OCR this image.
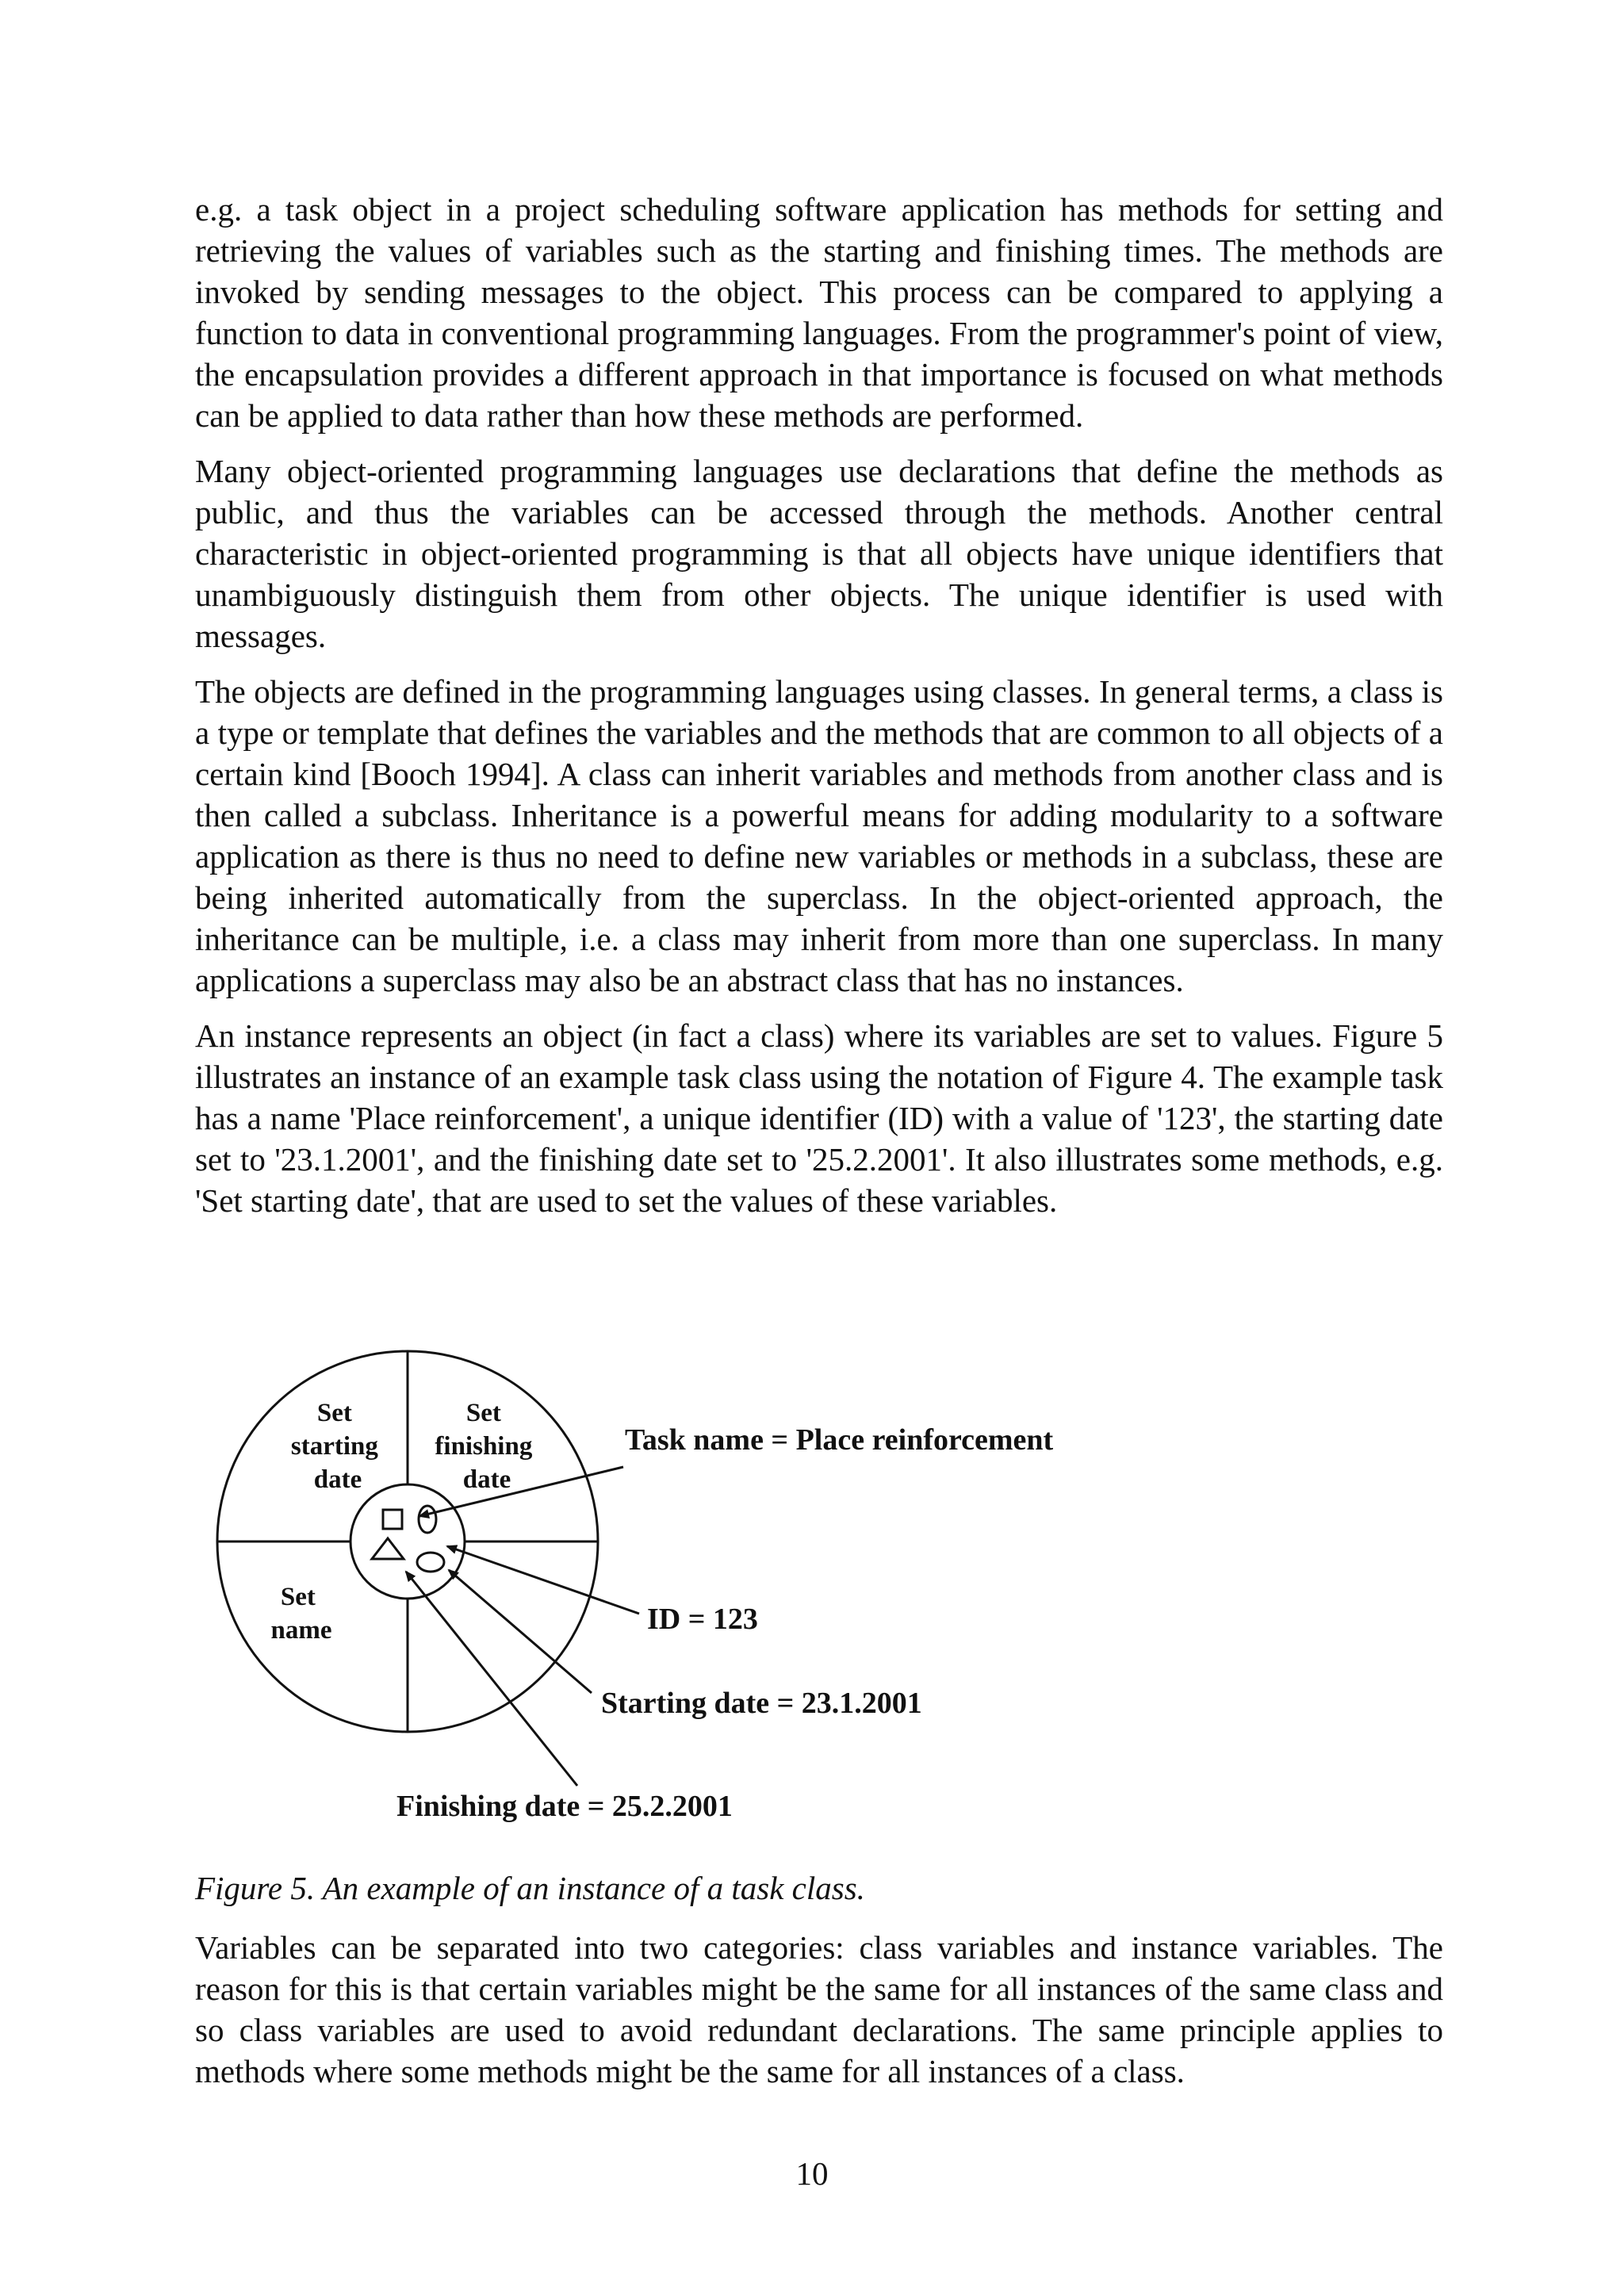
e.g. a task object in a project scheduling software application has methods for setting and retrieving the values of variables such as the starting and finishing times. The methods are invoked by sending messages to the object. This process can be compared to applying a function to data in conventional programming languages. From the programmer's point of view, the encapsulation provides a different approach in that importance is focused on what methods can be applied to data rather than how these methods are performed.

Many object-oriented programming languages use declarations that define the methods as public, and thus the variables can be accessed through the methods. Another central characteristic in object-oriented programming is that all objects have unique identifiers that unambiguously distinguish them from other objects. The unique identifier is used with messages.

The objects are defined in the programming languages using classes. In general terms, a class is a type or template that defines the variables and the methods that are common to all objects of a certain kind [Booch 1994]. A class can inherit variables and methods from another class and is then called a subclass. Inheritance is a powerful means for adding modularity to a software application as there is thus no need to define new variables or methods in a subclass, these are being inherited automatically from the superclass. In the object-oriented approach, the inheritance can be multiple, i.e. a class may inherit from more than one superclass. In many applications a superclass may also be an abstract class that has no instances.

An instance represents an object (in fact a class) where its variables are set to values. Figure 5 illustrates an instance of an example task class using the notation of Figure 4. The example task has a name 'Place reinforcement', a unique identifier (ID) with a value of '123', the starting date set to '23.1.2001', and the finishing date set to '25.2.2001'. It also illustrates some methods, e.g. 'Set starting date', that are used to set the values of these variables.

Set starting date
Set finishing date
Set name
Task name = Place reinforcement
ID = 123
Starting date = 23.1.2001
Finishing date = 25.2.2001

Figure 5. An example of an instance of a task class.

Variables can be separated into two categories: class variables and instance variables. The reason for this is that certain variables might be the same for all instances of the same class and so class variables are used to avoid redundant declarations. The same principle applies to methods where some methods might be the same for all instances of a class.

10
